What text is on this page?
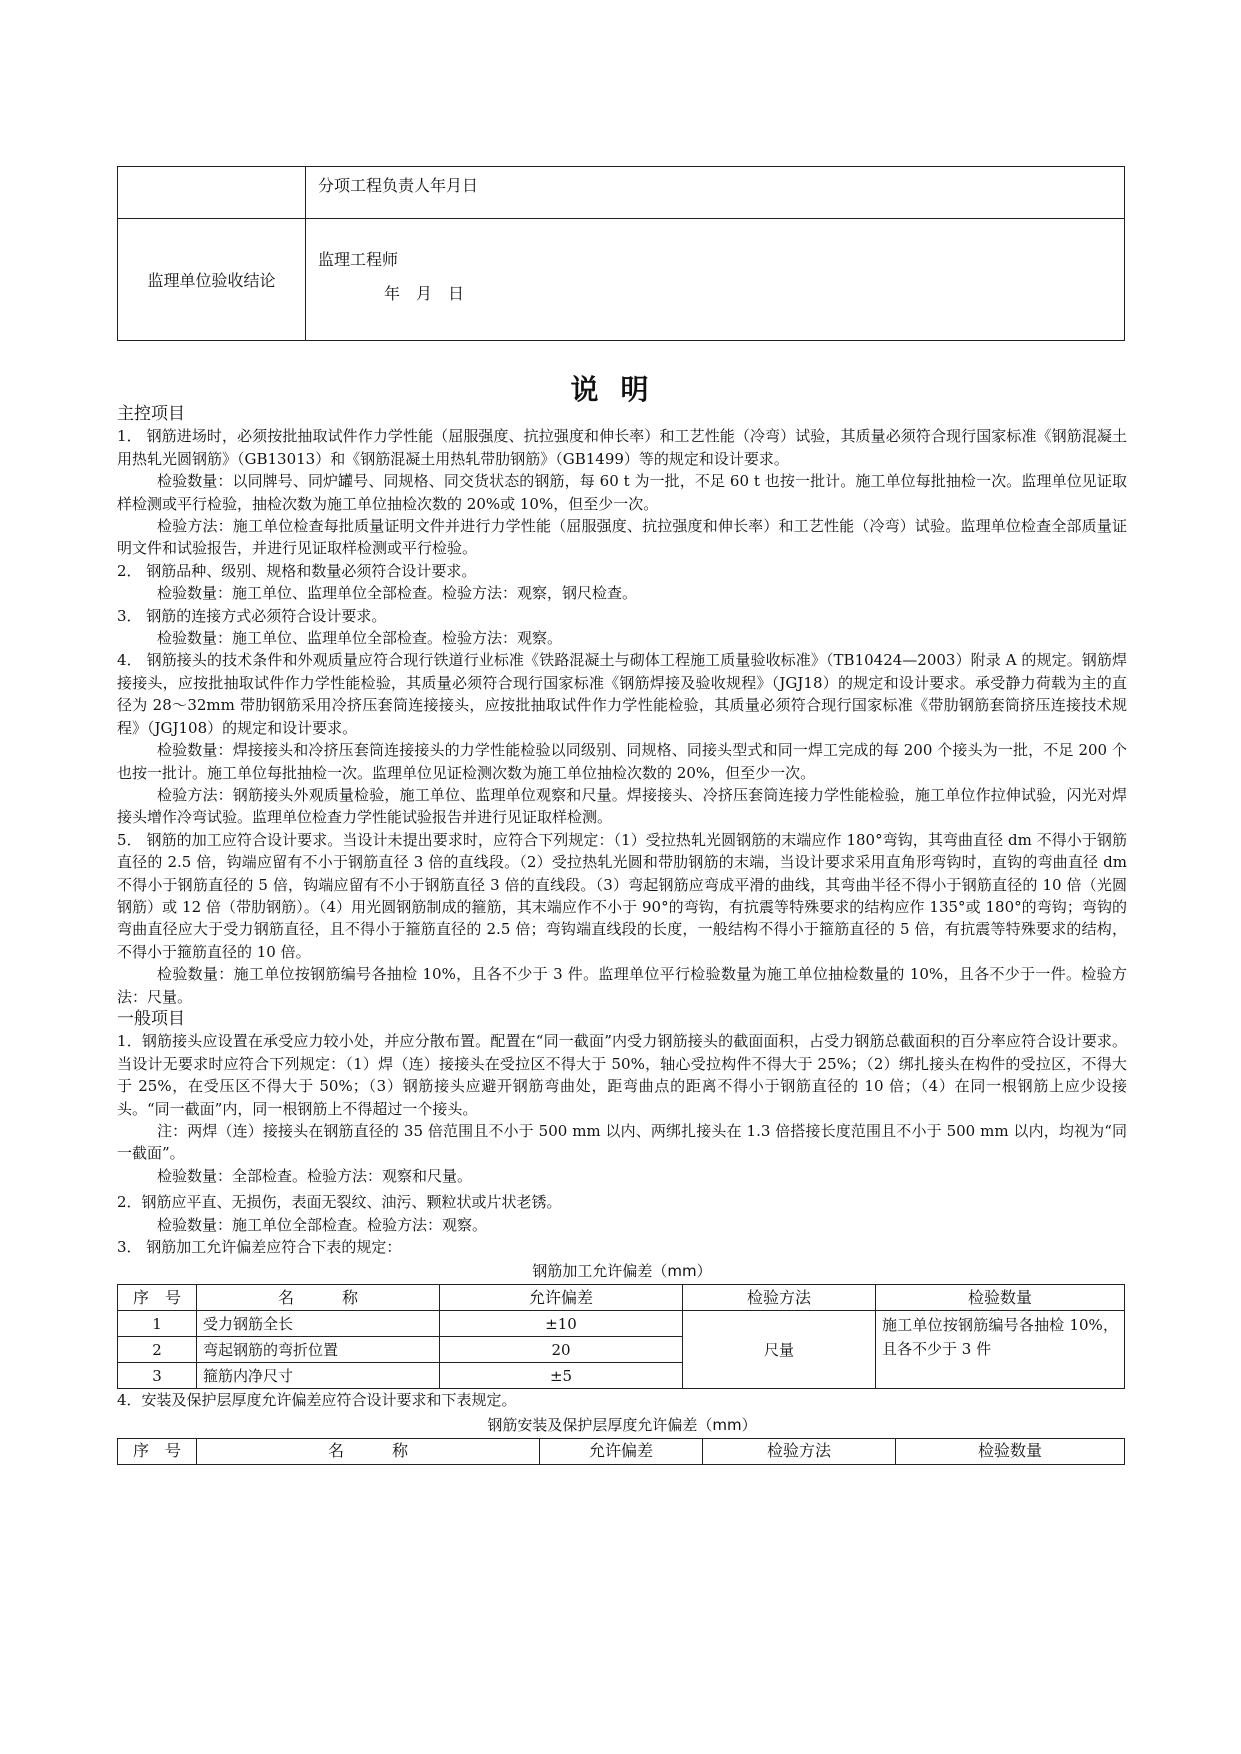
	分项工程负责人年月日
监理单位验收结论	监理工程师
年　月　日
说明

主控项目

1． 钢筋进场时，必须按批抽取试件作力学性能（屈服强度、抗拉强度和伸长率）和工艺性能（冷弯）试验，其质量必须符合现行国家标准《钢筋混凝土用热轧光圆钢筋》（GB13013）和《钢筋混凝土用热轧带肋钢筋》（GB1499）等的规定和设计要求。

检验数量：以同牌号、同炉罐号、同规格、同交货状态的钢筋，每 60 t 为一批，不足 60 t 也按一批计。施工单位每批抽检一次。监理单位见证取样检测或平行检验，抽检次数为施工单位抽检次数的 20%或 10%，但至少一次。

检验方法：施工单位检查每批质量证明文件并进行力学性能（屈服强度、抗拉强度和伸长率）和工艺性能（冷弯）试验。监理单位检查全部质量证明文件和试验报告，并进行见证取样检测或平行检验。

2． 钢筋品种、级别、规格和数量必须符合设计要求。

检验数量：施工单位、监理单位全部检查。检验方法：观察，钢尺检查。

3． 钢筋的连接方式必须符合设计要求。

检验数量：施工单位、监理单位全部检查。检验方法：观察。

4． 钢筋接头的技术条件和外观质量应符合现行铁道行业标准《铁路混凝土与砌体工程施工质量验收标准》（TB10424—2003）附录 A 的规定。钢筋焊接接头，应按批抽取试件作力学性能检验，其质量必须符合现行国家标准《钢筋焊接及验收规程》（JGJ18）的规定和设计要求。承受静力荷载为主的直径为 28～32mm 带肋钢筋采用冷挤压套筒连接接头，应按批抽取试件作力学性能检验，其质量必须符合现行国家标准《带肋钢筋套筒挤压连接技术规程》（JGJ108）的规定和设计要求。

检验数量：焊接接头和冷挤压套筒连接接头的力学性能检验以同级别、同规格、同接头型式和同一焊工完成的每 200 个接头为一批，不足 200 个也按一批计。施工单位每批抽检一次。监理单位见证检测次数为施工单位抽检次数的 20%，但至少一次。

检验方法：钢筋接头外观质量检验，施工单位、监理单位观察和尺量。焊接接头、冷挤压套筒连接力学性能检验，施工单位作拉伸试验，闪光对焊接头增作冷弯试验。监理单位检查力学性能试验报告并进行见证取样检测。

5． 钢筋的加工应符合设计要求。当设计未提出要求时，应符合下列规定：（1）受拉热轧光圆钢筋的末端应作 180°弯钩，其弯曲直径 dm 不得小于钢筋直径的 2.5 倍，钩端应留有不小于钢筋直径 3 倍的直线段。（2）受拉热轧光圆和带肋钢筋的末端，当设计要求采用直角形弯钩时，直钩的弯曲直径 dm 不得小于钢筋直径的 5 倍，钩端应留有不小于钢筋直径 3 倍的直线段。（3）弯起钢筋应弯成平滑的曲线，其弯曲半径不得小于钢筋直径的 10 倍（光圆钢筋）或 12 倍（带肋钢筋）。（4）用光圆钢筋制成的箍筋，其末端应作不小于 90°的弯钩，有抗震等特殊要求的结构应作 135°或 180°的弯钩；弯钩的弯曲直径应大于受力钢筋直径，且不得小于箍筋直径的 2.5 倍；弯钩端直线段的长度，一般结构不得小于箍筋直径的 5 倍，有抗震等特殊要求的结构，不得小于箍筋直径的 10 倍。

检验数量：施工单位按钢筋编号各抽检 10%，且各不少于 3 件。监理单位平行检验数量为施工单位抽检数量的 10%，且各不少于一件。检验方法：尺量。

一般项目

1．钢筋接头应设置在承受应力较小处，并应分散布置。配置在“同一截面”内受力钢筋接头的截面面积，占受力钢筋总截面积的百分率应符合设计要求。当设计无要求时应符合下列规定：（1）焊（连）接接头在受拉区不得大于 50%，轴心受拉构件不得大于 25%；（2）绑扎接头在构件的受拉区，不得大于 25%，在受压区不得大于 50%；（3）钢筋接头应避开钢筋弯曲处，距弯曲点的距离不得小于钢筋直径的 10 倍；（4）在同一根钢筋上应少设接头。“同一截面”内，同一根钢筋上不得超过一个接头。

注：两焊（连）接接头在钢筋直径的 35 倍范围且不小于 500 mm 以内、两绑扎接头在 1.3 倍搭接长度范围且不小于 500 mm 以内，均视为“同一截面”。

检验数量：全部检查。检验方法：观察和尺量。

2．钢筋应平直、无损伤，表面无裂纹、油污、颗粒状或片状老锈。

检验数量：施工单位全部检查。检验方法：观察。

3． 钢筋加工允许偏差应符合下表的规定：

钢筋加工允许偏差（mm）
序　号	名　　　称	允许偏差	检验方法	检验数量
1	受力钢筋全长	±10	尺量	施工单位按钢筋编号各抽检 10%，且各不少于 3 件
2	弯起钢筋的弯折位置	20		
3	箍筋内净尺寸	±5		

4．安装及保护层厚度允许偏差应符合设计要求和下表规定。

钢筋安装及保护层厚度允许偏差（mm）
序　号	名　　　称	允许偏差	检验方法	检验数量
